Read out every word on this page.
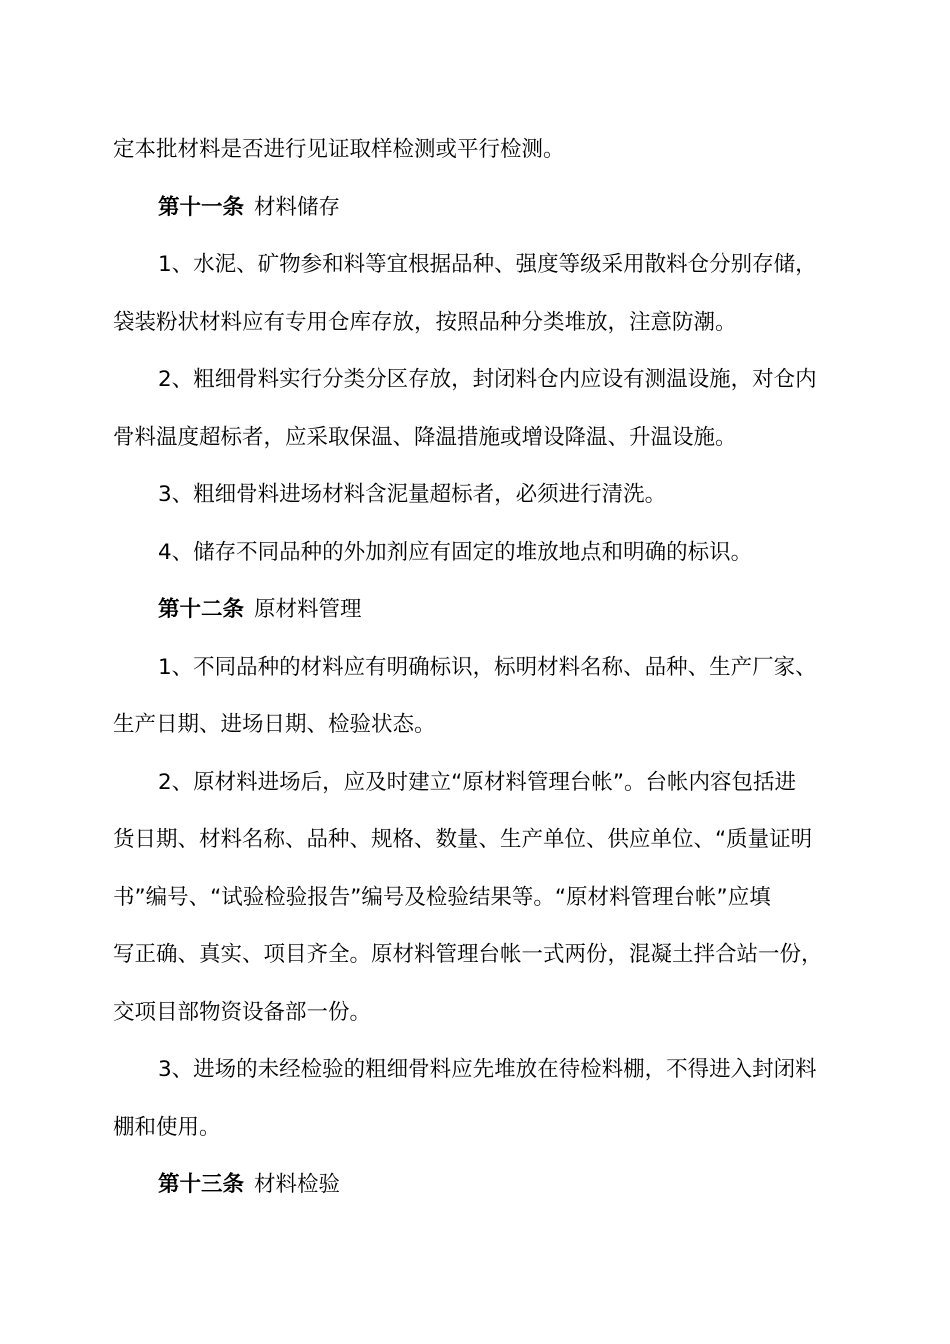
定本批材料是否进行见证取样检测或平行检测。
第十一条 材料储存
1、水泥、矿物参和料等宜根据品种、强度等级采用散料仓分别存储，
袋装粉状材料应有专用仓库存放，按照品种分类堆放，注意防潮。
2、粗细骨料实行分类分区存放，封闭料仓内应设有测温设施，对仓内
骨料温度超标者，应采取保温、降温措施或增设降温、升温设施。
3、粗细骨料进场材料含泥量超标者，必须进行清洗。
4、储存不同品种的外加剂应有固定的堆放地点和明确的标识。
第十二条 原材料管理
1、不同品种的材料应有明确标识，标明材料名称、品种、生产厂家、
生产日期、进场日期、检验状态。
2、原材料进场后，应及时建立“原材料管理台帐”。台帐内容包括进
货日期、材料名称、品种、规格、数量、生产单位、供应单位、“质量证明
书”编号、“试验检验报告”编号及检验结果等。“原材料管理台帐”应填
写正确、真实、项目齐全。原材料管理台帐一式两份，混凝土拌合站一份，
交项目部物资设备部一份。
3、进场的未经检验的粗细骨料应先堆放在待检料棚，不得进入封闭料
棚和使用。
第十三条 材料检验
